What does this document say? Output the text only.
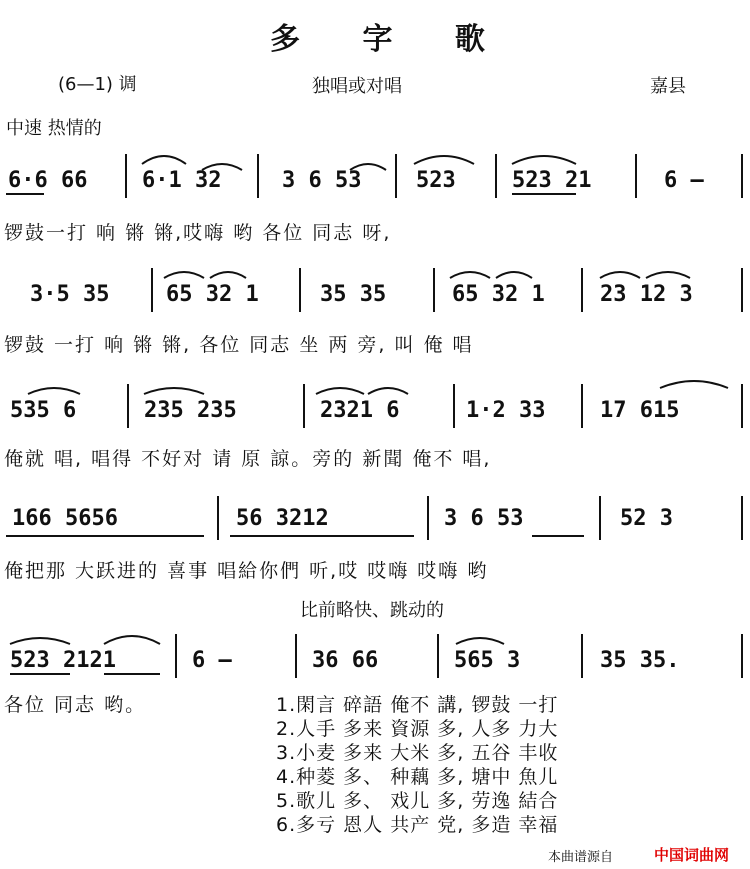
多 字 歌
(6—1) 调	独唱或对唱	嘉县
中速 热情的
6·6 66 6·1 32	3 6 53 523	523 21	6 —
锣鼓一打 响 锵 锵,哎嗨 哟 各位 同志 呀,
3·5 35	65 32 1	35 35	65 32 1	23 12 3
锣鼓 一打 响 锵 锵, 各位 同志 坐 两 旁, 叫 俺 唱
535 6	235 235	2321 6	1·2 33 17 615
俺就 唱, 唱得 不好对 请 原 諒。旁的 新聞 俺不 唱,
166 5656	56 3212	3 6 53	52 3
俺把那 大跃进的 喜事 唱給你們 听,哎 哎嗨 哎嗨 哟
比前略快、跳动的
523 2121	6 —	36 66	565 3	35 35.
各位 同志 哟。	1.閑言 碎語 俺不 講, 锣鼓 一打
2.人手 多来 資源 多, 人多 力大
3.小麦 多来 大米 多, 五谷 丰收
4.种菱 多、 种藕 多, 塘中 魚儿
5.歌儿 多、 戏儿 多, 劳逸 結合
6.多亏 恩人 共产 党, 多造 幸福
本曲谱源自	中国词曲网
